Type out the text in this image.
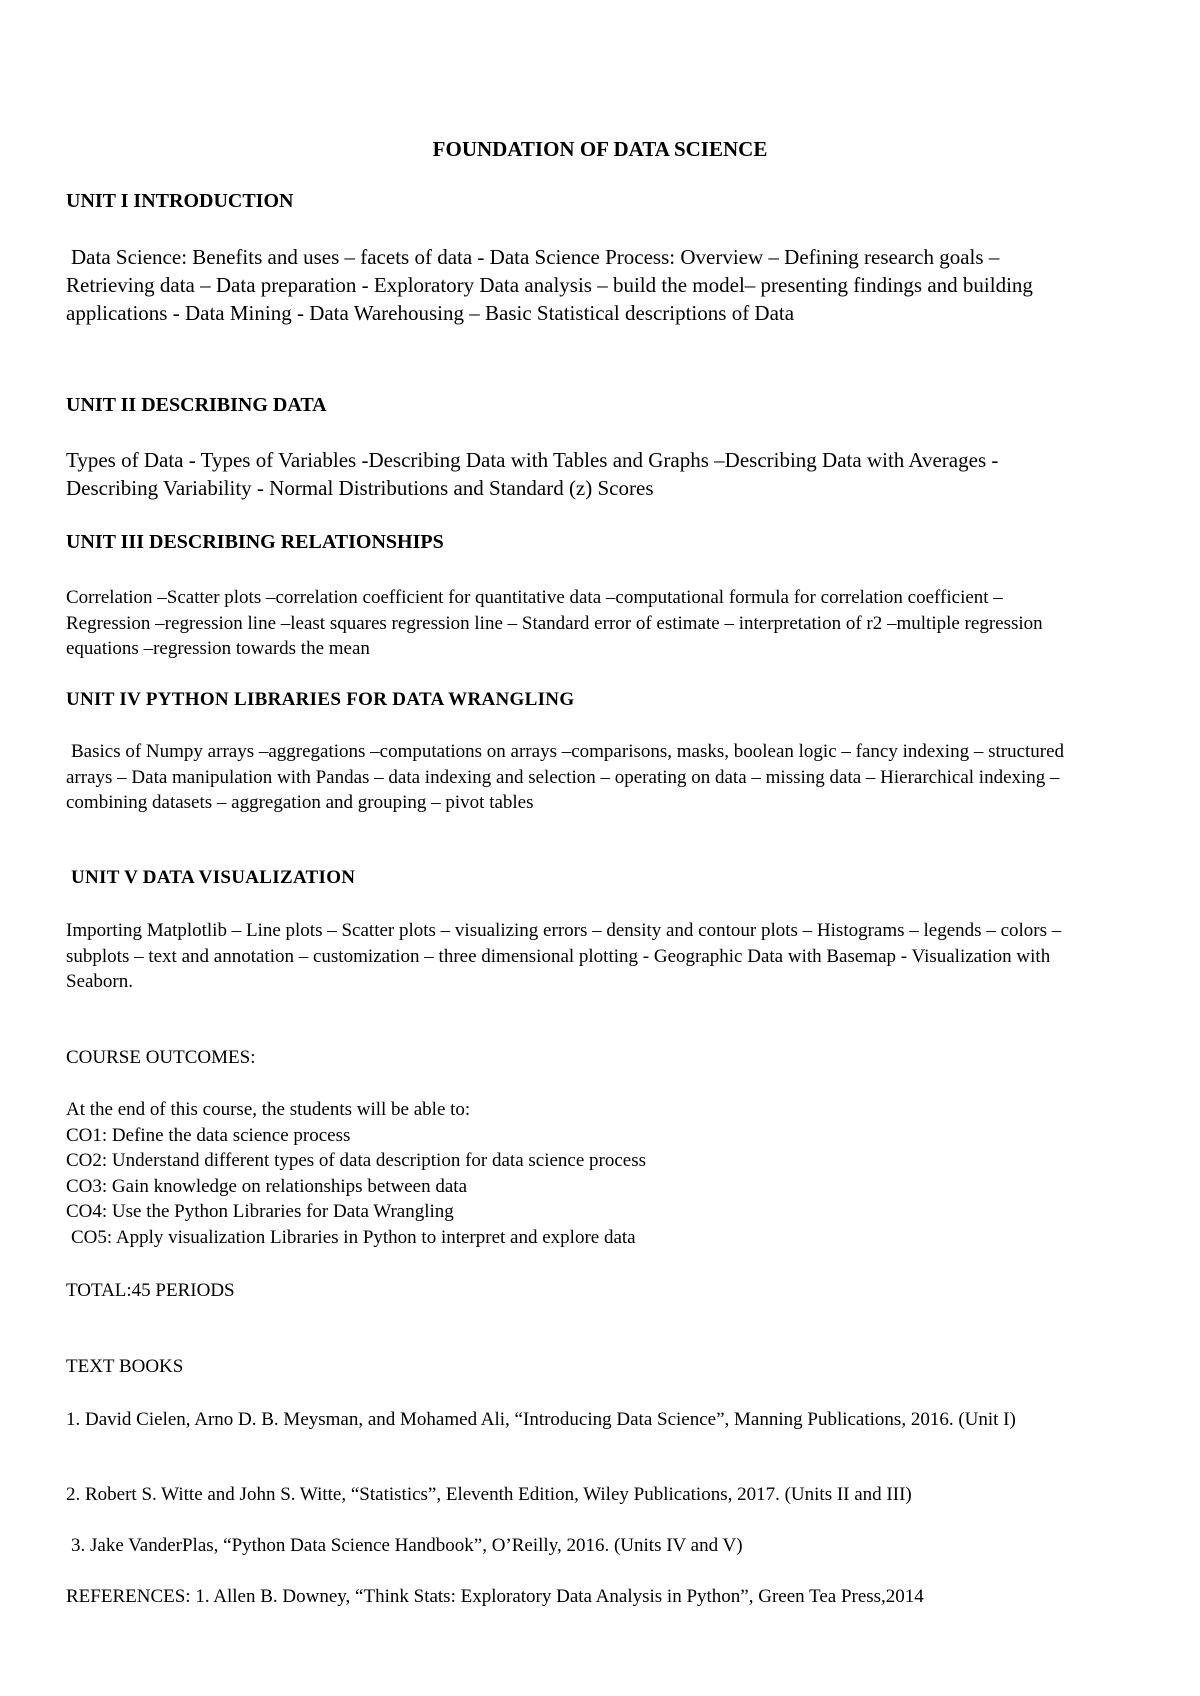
FOUNDATION OF DATA SCIENCE
UNIT I INTRODUCTION
Data Science: Benefits and uses – facets of data - Data Science Process: Overview – Defining research goals – Retrieving data – Data preparation - Exploratory Data analysis – build the model– presenting findings and building applications - Data Mining - Data Warehousing – Basic Statistical descriptions of Data
UNIT II DESCRIBING DATA
Types of Data - Types of Variables -Describing Data with Tables and Graphs –Describing Data with Averages - Describing Variability - Normal Distributions and Standard (z) Scores
UNIT III DESCRIBING RELATIONSHIPS
Correlation –Scatter plots –correlation coefficient for quantitative data –computational formula for correlation coefficient – Regression –regression line –least squares regression line – Standard error of estimate – interpretation of r2 –multiple regression equations –regression towards the mean
UNIT IV PYTHON LIBRARIES FOR DATA WRANGLING
Basics of Numpy arrays –aggregations –computations on arrays –comparisons, masks, boolean logic – fancy indexing – structured arrays – Data manipulation with Pandas – data indexing and selection – operating on data – missing data – Hierarchical indexing – combining datasets – aggregation and grouping – pivot tables
UNIT V DATA VISUALIZATION
Importing Matplotlib – Line plots – Scatter plots – visualizing errors – density and contour plots – Histograms – legends – colors – subplots – text and annotation – customization – three dimensional plotting - Geographic Data with Basemap - Visualization with Seaborn.
COURSE OUTCOMES:
At the end of this course, the students will be able to:
CO1: Define the data science process
CO2: Understand different types of data description for data science process
CO3: Gain knowledge on relationships between data
CO4: Use the Python Libraries for Data Wrangling
CO5: Apply visualization Libraries in Python to interpret and explore data
TOTAL:45 PERIODS
TEXT BOOKS
1. David Cielen, Arno D. B. Meysman, and Mohamed Ali, “Introducing Data Science”, Manning Publications, 2016. (Unit I)
2. Robert S. Witte and John S. Witte, “Statistics”, Eleventh Edition, Wiley Publications, 2017. (Units II and III)
3. Jake VanderPlas, “Python Data Science Handbook”, O’Reilly, 2016. (Units IV and V)
REFERENCES: 1. Allen B. Downey, “Think Stats: Exploratory Data Analysis in Python”, Green Tea Press,2014
